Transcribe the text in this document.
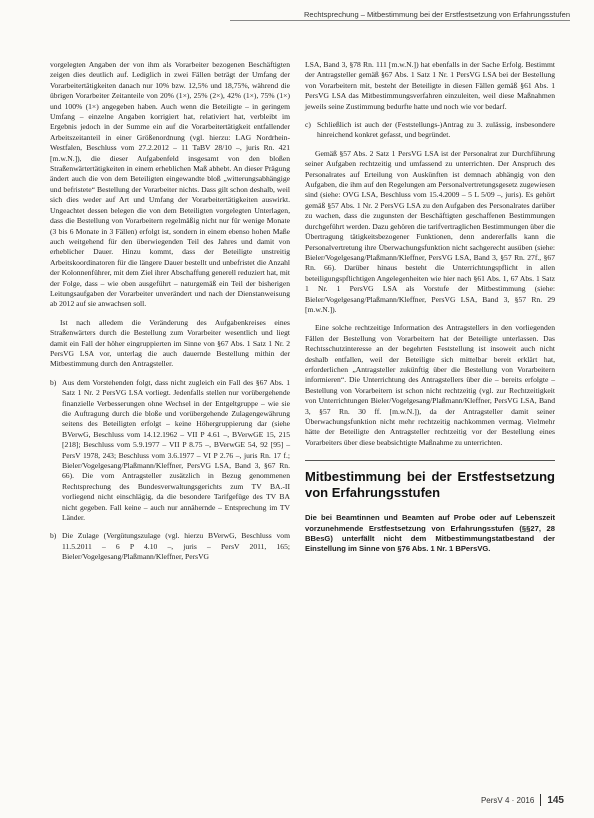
Rechtsprechung – Mitbestimmung bei der Erstfestsetzung von Erfahrungsstufen

vorgelegten Angaben der von ihm als Vorarbeiter bezogenen Beschäftigten zeigen dies deutlich auf. Lediglich in zwei Fällen beträgt der Umfang der Vorarbeitertätigkeiten danach nur 10% bzw. 12,5% und 18,75%, während die übrigen Vorarbeiter Zeitanteile von 20% (1×), 25% (2×), 42% (1×), 75% (1×) und 100% (1×) angegeben haben. Auch wenn die Beteiligte – in geringem Umfang – einzelne Angaben korrigiert hat, relativiert hat, verbleibt im Ergebnis jedoch in der Summe ein auf die Vorarbeitertätigkeit entfallender Arbeitszeitanteil in einer Größenordnung (vgl. hierzu: LAG Nordrhein-Westfalen, Beschluss vom 27.2.2012 – 11 TaBV 28/10 –, juris Rn. 421 [m.w.N.]), die dieser Aufgabenfeld insgesamt von den bloßen Straßenwärtertätigkeiten in einem erheblichen Maß abhebt. An dieser Prägung ändert auch die von dem Beteiligten eingewandte bloß „witterungsabhängige und befristete“ Bestellung der Vorarbeiter nichts. Dass gilt schon deshalb, weil sich dies weder auf Art und Umfang der Vorarbeitertätigkeiten auswirkt. Ungeachtet dessen belegen die von dem Beteiligten vorgelegten Unterlagen, dass die Bestellung von Vorarbeitern regelmäßig nicht nur für wenige Monate (3 bis 6 Monate in 3 Fällen) erfolgt ist, sondern in einem ebenso hohen Maße auch weitgehend für den überwiegenden Teil des Jahres und damit von erheblicher Dauer. Hinzu kommt, dass der Beteiligte unstreitig Arbeitskoordinatoren für die längere Dauer bestellt und unbefristet die Anzahl der Kolonnenführer, mit dem Ziel ihrer Abschaffung generell reduziert hat, mit der Folge, dass – wie oben ausgeführt – naturgemäß ein Teil der bisherigen Leitungsaufgaben der Vorarbeiter unverändert und nach der Dienstanweisung ab 2012 auf sie anwachsen soll.

Ist nach alledem die Veränderung des Aufgabenkreises eines Straßenwärters durch die Bestellung zum Vorarbeiter wesentlich und liegt damit ein Fall der höher eingruppierten im Sinne von §67 Abs. 1 Satz 1 Nr. 2 PersVG LSA vor, unterlag die auch dauernde Bestellung mithin der Mitbestimmung durch den Antragsteller.

b) Aus dem Vorstehenden folgt, dass nicht zugleich ein Fall des §67 Abs. 1 Satz 1 Nr. 2 PersVG LSA vorliegt. Jedenfalls stellen nur vorübergehende finanzielle Verbesserungen ohne Wechsel in der Entgeltgruppe – wie sie die Auftragung durch die bloße und vorübergehende Zulagengewährung seitens des Beteiligten erfolgt – keine Höhergruppierung dar (siehe BVerwG, Beschluss vom 14.12.1962 – VII P 4.61 –, BVerwGE 15, 215 [218]; Beschluss vom 5.9.1977 – VII P 8.75 –, BVerwGE 54, 92 [95] – PersV 1978, 243; Beschluss vom 3.6.1977 – VI P 2.76 –, juris Rn. 17 f.; Bieler/Vogelgesang/Plaßmann/Kleffner, PersVG LSA, Band 3, §67 Rn. 66). Die vom Antragsteller zusätzlich in Bezug genommenen Rechtsprechung des Bundesverwaltungsgerichts zum TV BA.-II vorliegend nicht einschlägig, da die besondere Tarifgefüge des TV BA nicht gegeben. Fall keine – auch nur annähernde – Entsprechung im TV Länder.
b) Die Zulage (Vergütungszulage (vgl. hierzu BVerwG, Beschluss vom 11.5.2011 – 6 P 4.10 –, juris – PersV 2011, 165; Bieler/Vogelgesang/Plaßmann/Kleffner, PersVG

LSA, Band 3, §78 Rn. 111 [m.w.N.]) hat ebenfalls in der Sache Erfolg. Bestimmt der Antragsteller gemäß §67 Abs. 1 Satz 1 Nr. 1 PersVG LSA bei der Bestellung von Vorarbeitern mit, besteht der Beteiligte in diesen Fällen gemäß §61 Abs. 1 PersVG LSA das Mitbestimmungsverfahren einzuleiten, weil diese Maßnahmen jeweils seine Zustimmung bedurfte hatte und noch wie vor bedarf.

c) Schließlich ist auch der (Feststellungs-)Antrag zu 3. zulässig, insbesondere hinreichend konkret gefasst, und begründet.

Gemäß §57 Abs. 2 Satz 1 PersVG LSA ist der Personalrat zur Durchführung seiner Aufgaben rechtzeitig und umfassend zu unterrichten. Der Anspruch des Personalrates auf Erteilung von Auskünften ist demnach abhängig von den Aufgaben, die ihm auf den Regelungen am Personalvertretungsgesetz zugewiesen sind (siehe: OVG LSA, Beschluss vom 15.4.2009 – 5 L 5/09 –, juris). Es gehört gemäß §57 Abs. 1 Nr. 2 PersVG LSA zu den Aufgaben des Personalrates darüber zu wachen, dass die zugunsten der Beschäftigten geschaffenen Bestimmungen durchgeführt werden. Dazu gehören die tarifvertraglichen Bestimmungen über die Übertragung tätigkeitsbezogener Funktionen, denn andererfalls kann die Personalvertretung ihre Überwachungsfunktion nicht sachgerecht ausüben (siehe: Bieler/Vogelgesang/Plaßmann/Kleffner, PersVG LSA, Band 3, §57 Rn. 27f., §67 Rn. 66). Darüber hinaus besteht die Unterrichtungspflicht in allen beteiligungspflichtigen Angelegenheiten wie hier nach §61 Abs. 1, 67 Abs. 1 Satz 1 Nr. 1 PersVG LSA als Vorstufe der Mitbestimmung (siehe: Bieler/Vogelgesang/Plaßmann/Kleffner, PersVG LSA, Band 3, §57 Rn. 29 [m.w.N.]).

Eine solche rechtzeitige Information des Antragstellers in den vorliegenden Fällen der Bestellung von Vorarbeitern hat der Beteiligte unterlassen. Das Rechtsschutzinteresse an der begehrten Feststellung ist insoweit auch nicht deshalb entfallen, weil der Beteiligte sich mittelbar bereit erklärt hat, erforderlichen „Antragsteller zukünftig über die Bestellung von Vorarbeitern informieren“. Die Unterrichtung des Antragstellers über die – bereits erfolgte – Bestellung von Vorarbeitern ist schon nicht rechtzeitig (vgl. zur Rechtzeitigkeit von Unterrichtungen Bieler/Vogelgesang/Plaßmann/Kleffner, PersVG LSA, Band 3, §57 Rn. 30 ff. [m.w.N.]), da der Antragsteller damit seiner Überwachungsfunktion nicht mehr rechtzeitig nachkommen vermag. Vielmehr hätte der Beteiligte den Antragsteller rechtzeitig vor der Bestellung eines Vorarbeiters über diese beabsichtigte Maßnahme zu unterrichten.

Mitbestimmung bei der Erstfestsetzung von Erfahrungsstufen

Die bei Beamtinnen und Beamten auf Probe oder auf Lebenszeit vorzunehmende Erstfestsetzung von Erfahrungsstufen (§§27, 28 BBesG) unterfällt nicht dem Mitbestimmungstatbestand der Einstellung im Sinne von §76 Abs. 1 Nr. 1 BPersVG.

PersV 4 · 2016 145
